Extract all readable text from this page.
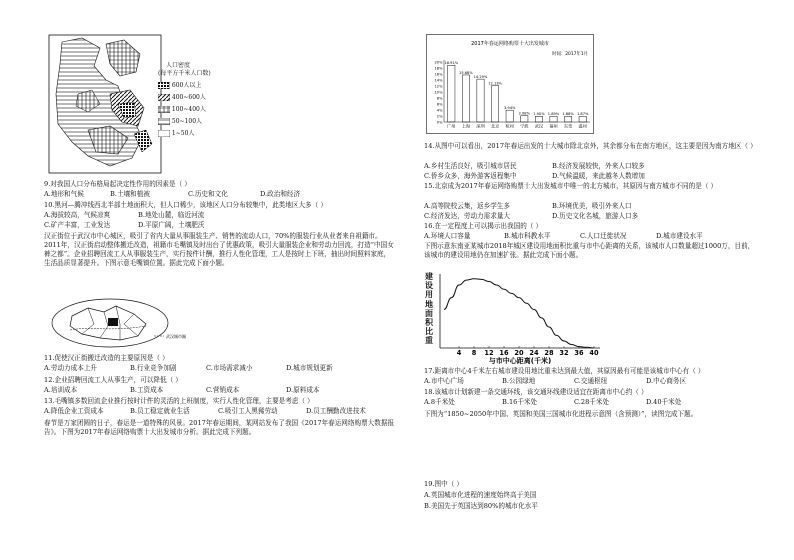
人口密度
(每平方千米人口数)
600人以上
400~600人
100~400人
50~100人
1~50人
9.对我国人口分布格局起决定性作用的因素是（ ）
A.地形和气候	B.土壤和植被	C.历史和文化	D.政治和经济
10.黑河—腾冲线西北半部土地面积大，但人口稀少，该地区人口分布较集中，此类地区大多（ ）
A.海拔较高，气候凉爽	B.地处山麓，临近河流
C.矿产丰富，工业发达	D.平原广阔，土壤肥沃
汉正街位于武汉市中心城区，吸引了省内大量从事服装生产、销售的流动人口，70%的服装行业从业者来自祖籍市。2011年，汉正街启动整体搬迁改造，祖籍市毛嘴镇及时出台了优惠政策，吸引大量服装企业和劳动力回流，打造“中国女裤之都”。企业招聘回流工人从事服装生产，实行按件计酬，推行人性化管理，工人是按时上下班，抽出时间照料家庭，生活品质显著提升。下图示意毛嘴镇位置。据此完成下面小题。
武汉城市圈
11.促使汉正街搬迁改造的主要原因是（ ）
A.劳动力成本上升	B.行业竞争加剧	C.市场需求减小	D.城市规划更新
12.企业招聘回流工人从事生产，可以降低（ ）
A.培训成本	B.工资成本	C.营销成本	D.原料成本
13.毛嘴镇多数回流企业推行按时计件的灵活的上班制度，实行人性化管理，主要是考虑（ ）
A.降低企业工资成本	B.员工稳定就业生活	C.吸引工人黑豨劳动	D.员工酬勤改进技术
春节是万家团圆的日子，春运是一道特殊的风景。2017年春运期间，某网站发布了我国《2017年春运网络购票大数据报告》。下图为2017年春运网络购票十大出发城市分析。据此完成下列题。
2017年春运网络购票十大出发城市
时间：2017年1月
20%
18%
16%
14%
12%
10%
8%
6%
4%
2%
0%
18.91%
15.68%
14.29%
12.13%
3.94%
2.08% 1.90% 1.89% 1.88% 1.87%
广州 上海 深圳 北京 杭州 宁波 武汉 福州 东莞 温州
14.从图中可以看出，2017年春运出发的十大城市除北京外，其余都分布在南方地区，这主要是因为南方地区（ ）
A.乡村生活良好，吸引城市居民	B.经济发展较快，外来人口较多
C.侨乡众多，海外游客返程集中	D.气候温暖，来此越冬人数增加
15.北京成为2017年春运网络购票十大出发城市中唯一的北方城市，其原因与南方城市不同的是（ ）
A.高等院校云集，返乡学生多	B.环境优美，吸引外来人口
C.经济发达，劳动力需求量大	D.历史文化名城，旅游人口多
16.在一定程度上可以揭示出我国的（ ）
A.环境人口容量	B.城市科教水平	C.人口迁徙状况	D.城市建设水平
下图示意东南亚某城市2018年城区建设用地面积比重与市中心距离的关系，该城市人口数量超过1000万，目前，该城市的建设用地仍在加速扩张。据此完成下面小题。
建设用地面积比重
4 8 12 16 20 24 28 32 36 40
与市中心距离(千米)
17.距离市中心4千米左右城市建设用地比重未达到最大值，其原因最有可能是该城市中心有（ ）
A.市中心广场	B.公园绿地	C.交通枢纽	D.中心商务区
18.该城市计划新建一条交通环线，该交通环线建设适宜在距离市中心约（ ）
A.8千米处	B.16千米处	C.28千米处	D.40千米处
下图为“1850~2050年中国、英国和美国三国城市化进程示意图（含预测）”，读图完成下题。
19.图中（ ）
A.英国城市化进程的速度始终高于美国
B.美国先于英国达到80%的城市化水平
